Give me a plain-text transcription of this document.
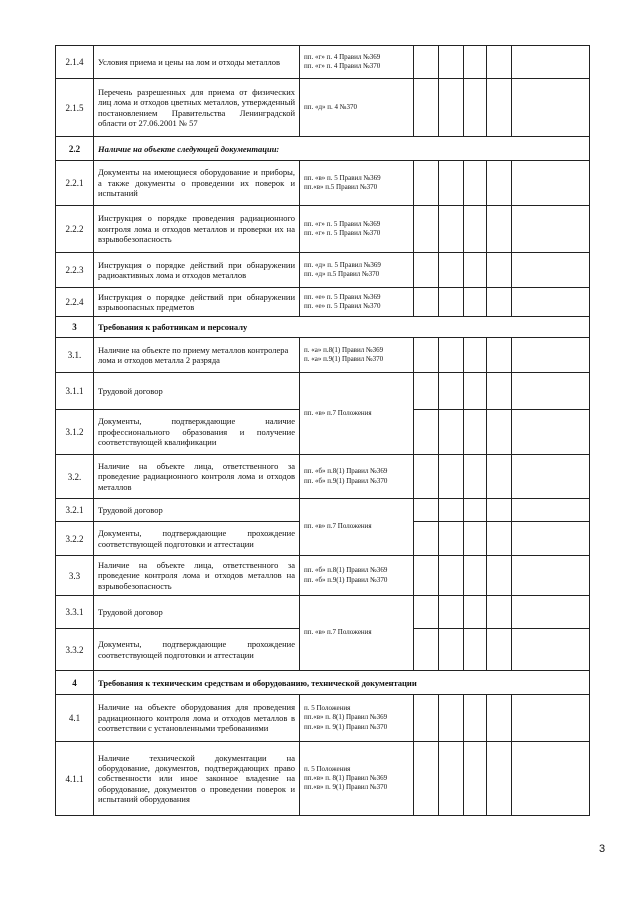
2.1.4	Условия приема и цены на лом и отходы металлов	пп. «г» п. 4 Правил №369
пп. «г» п. 4 Правил №370					

2.1.5	Перечень разрешенных для приема от физических лиц лома и отходов цветных металлов, утвержденный постановлением Правительства Ленинградской области от 27.06.2001 № 57	пп. «д» п. 4 №370					

2.2	Наличие на объекте следующей документации:						
2.2.1	Документы на имеющиеся оборудование и приборы, а также документы о проведении их поверок и испытаний	пп. «в» п. 5 Правил №369
пп.«в» п.5 Правил №370					

2.2.2	Инструкция о порядке проведения радиационного контроля лома и отходов металлов и проверки их на взрывобезопасность	пп. «г» п. 5 Правил №369
пп. «г» п. 5 Правил №370					

2.2.3	Инструкция о порядке действий при обнаружении радиоактивных лома и отходов металлов	пп. «д» п. 5 Правил №369
пп. «д» п.5 Правил №370					

2.2.4	Инструкция о порядке действий при обнаружении взрывоопасных предметов	пп. «е» п. 5 Правил №369
пп. «е» п. 5 Правил №370					

3	Требования к работникам и персоналу						
3.1.	Наличие на объекте по приему металлов контролера лома и отходов металла 2 разряда	п. «а» п.8(1) Правил №369
п. «а» п.9(1) Правил №370					

3.1.1	Трудовой договор	пп. «в» п.7 Положения					

3.1.2	Документы, подтверждающие наличие профессионального образования и получение соответствующей квалификации						
3.2.	Наличие на объекте лица, ответственного за проведение радиационного контроля лома и отходов металлов	пп. «б» п.8(1) Правил №369
пп. «б» п.9(1) Правил №370					

3.2.1	Трудовой договор	пп. «в» п.7 Положения					

3.2.2	Документы, подтверждающие прохождение соответствующей подготовки и аттестации						
3.3	Наличие на объекте лица, ответственного за проведение контроля лома и отходов металлов на взрывобезопасность	пп. «б» п.8(1) Правил №369
пп. «б» п.9(1) Правил №370					

3.3.1	Трудовой договор	пп. «в» п.7 Положения					

3.3.2	Документы, подтверждающие прохождение соответствующей подготовки и аттестации						
4	Требования к техническим средствам и оборудованию, технической документации						
4.1	Наличие на объекте оборудования для проведения радиационного контроля лома и отходов металлов в соответствии с установленными требованиями	п. 5 Положения
пп.«в» п. 8(1) Правил №369
пп.«в» п. 9(1) Правил №370					

4.1.1	Наличие технической документации на оборудование, документов, подтверждающих право собственности или иное законное владение на оборудование, документов о проведении поверок и испытаний оборудования	п. 5 Положения
пп.«в» п. 8(1) Правил №369
пп.«в» п. 9(1) Правил №370					

3
